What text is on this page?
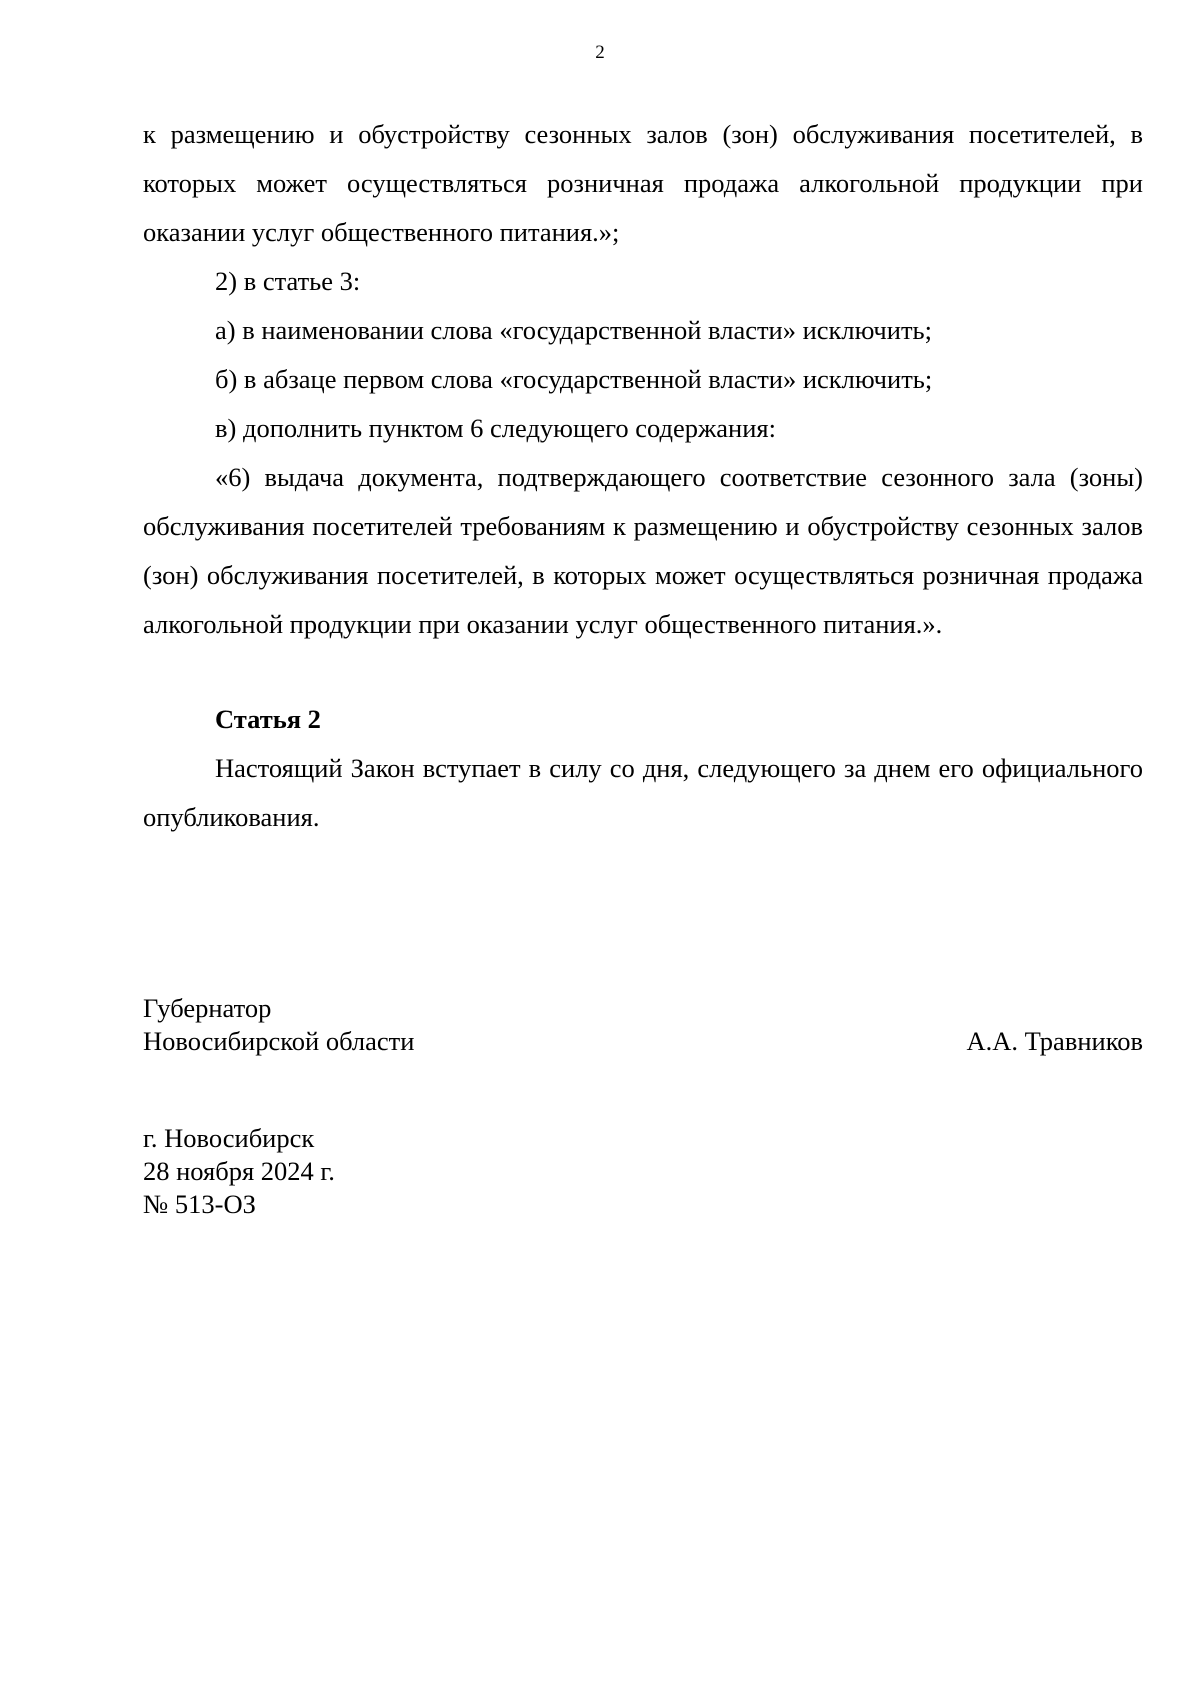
2

к размещению и обустройству сезонных залов (зон) обслуживания посетителей, в которых может осуществляться розничная продажа алкогольной продукции при оказании услуг общественного питания.»;

2) в статье 3:

а) в наименовании слова «государственной власти» исключить;

б) в абзаце первом слова «государственной власти» исключить;

в) дополнить пунктом 6 следующего содержания:

«6) выдача документа, подтверждающего соответствие сезонного зала (зоны) обслуживания посетителей требованиям к размещению и обустройству сезонных залов (зон) обслуживания посетителей, в которых может осуществляться розничная продажа алкогольной продукции при оказании услуг общественного питания.».

Статья 2

Настоящий Закон вступает в силу со дня, следующего за днем его официального опубликования.

Губернатор
Новосибирской области	А.А. Травников
г. Новосибирск
28 ноября 2024 г.
№ 513-ОЗ
